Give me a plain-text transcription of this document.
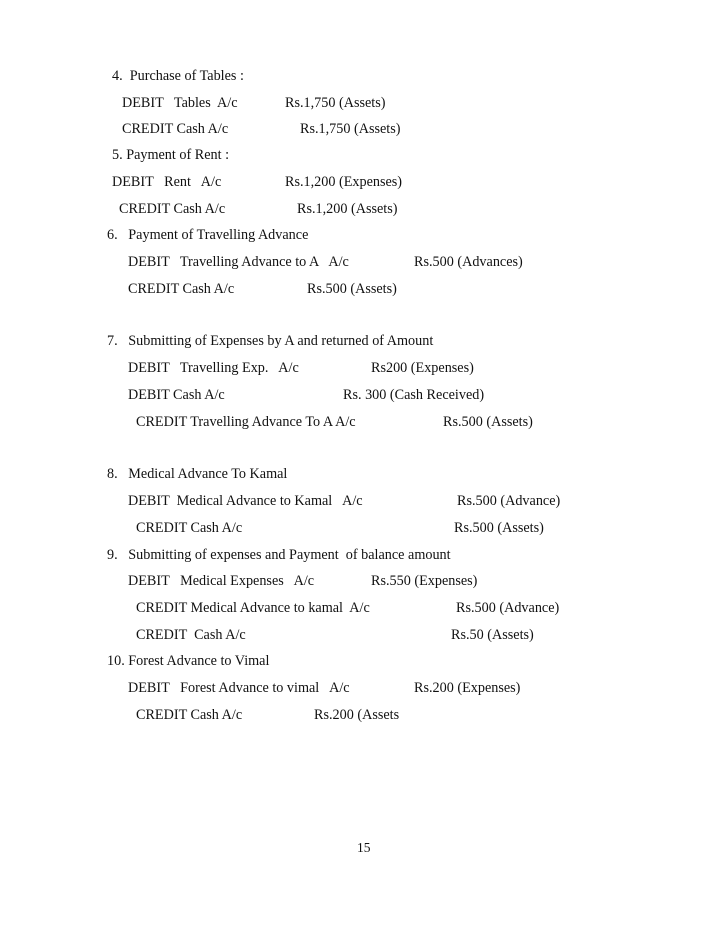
4.  Purchase of Tables :
DEBIT   Tables  A/c	Rs.1,750 (Assets)
CREDIT Cash A/c	Rs.1,750 (Assets)
5. Payment of Rent :
DEBIT   Rent   A/c	Rs.1,200 (Expenses)
CREDIT Cash A/c	Rs.1,200 (Assets)
6.   Payment of Travelling Advance
DEBIT   Travelling Advance to A   A/c	Rs.500 (Advances)
CREDIT Cash A/c	Rs.500 (Assets)
7.   Submitting of Expenses by A and returned of Amount
DEBIT   Travelling Exp.   A/c	Rs200 (Expenses)
DEBIT Cash A/c	Rs. 300 (Cash Received)
CREDIT Travelling Advance To A A/c	Rs.500 (Assets)
8.   Medical Advance To Kamal
DEBIT  Medical Advance to Kamal   A/c	Rs.500 (Advance)
CREDIT Cash A/c	Rs.500 (Assets)
9.   Submitting of expenses and Payment  of balance amount
DEBIT   Medical Expenses   A/c	Rs.550 (Expenses)
CREDIT Medical Advance to kamal  A/c	Rs.500 (Advance)
CREDIT  Cash A/c	Rs.50 (Assets)
10. Forest Advance to Vimal
DEBIT   Forest Advance to vimal   A/c	Rs.200 (Expenses)
CREDIT Cash A/c	Rs.200 (Assets
15
